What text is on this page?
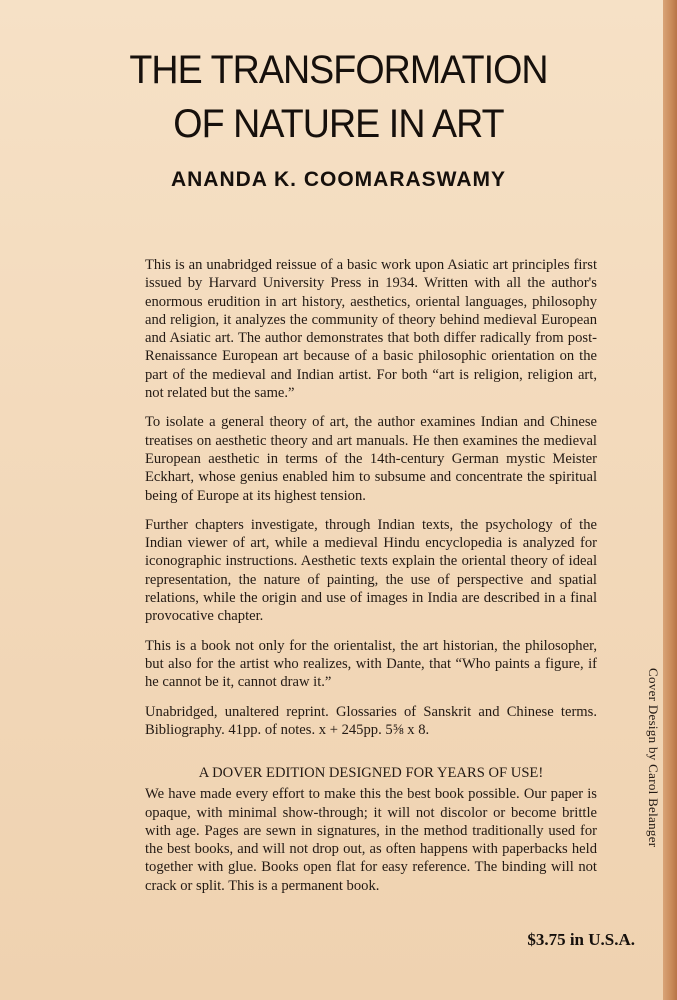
THE TRANSFORMATION
OF NATURE IN ART
ANANDA K. COOMARASWAMY

This is an unabridged reissue of a basic work upon Asiatic art principles first issued by Harvard University Press in 1934. Written with all the author's enormous erudition in art history, aesthetics, oriental languages, philosophy and religion, it analyzes the community of theory behind medieval European and Asiatic art. The author demonstrates that both differ radically from post-Renaissance European art because of a basic philosophic orientation on the part of the medieval and Indian artist. For both “art is religion, religion art, not related but the same.”

To isolate a general theory of art, the author examines Indian and Chinese treatises on aesthetic theory and art manuals. He then examines the medieval European aesthetic in terms of the 14th-century German mystic Meister Eckhart, whose genius enabled him to subsume and concentrate the spiritual being of Europe at its highest tension.

Further chapters investigate, through Indian texts, the psychology of the Indian viewer of art, while a medieval Hindu encyclopedia is analyzed for iconographic instructions. Aesthetic texts explain the oriental theory of ideal representation, the nature of painting, the use of perspective and spatial relations, while the origin and use of images in India are described in a final provocative chapter.

This is a book not only for the orientalist, the art historian, the philosopher, but also for the artist who realizes, with Dante, that “Who paints a figure, if he cannot be it, cannot draw it.”

Unabridged, unaltered reprint. Glossaries of Sanskrit and Chinese terms. Bibliography. 41pp. of notes. x + 245pp. 5⅝ x 8.

A DOVER EDITION DESIGNED FOR YEARS OF USE!

We have made every effort to make this the best book possible. Our paper is opaque, with minimal show-through; it will not discolor or become brittle with age. Pages are sewn in signatures, in the method traditionally used for the best books, and will not drop out, as often happens with paperbacks held together with glue. Books open flat for easy reference. The binding will not crack or split. This is a permanent book.

Cover Design by Carol Belanger
$3.75 in U.S.A.
